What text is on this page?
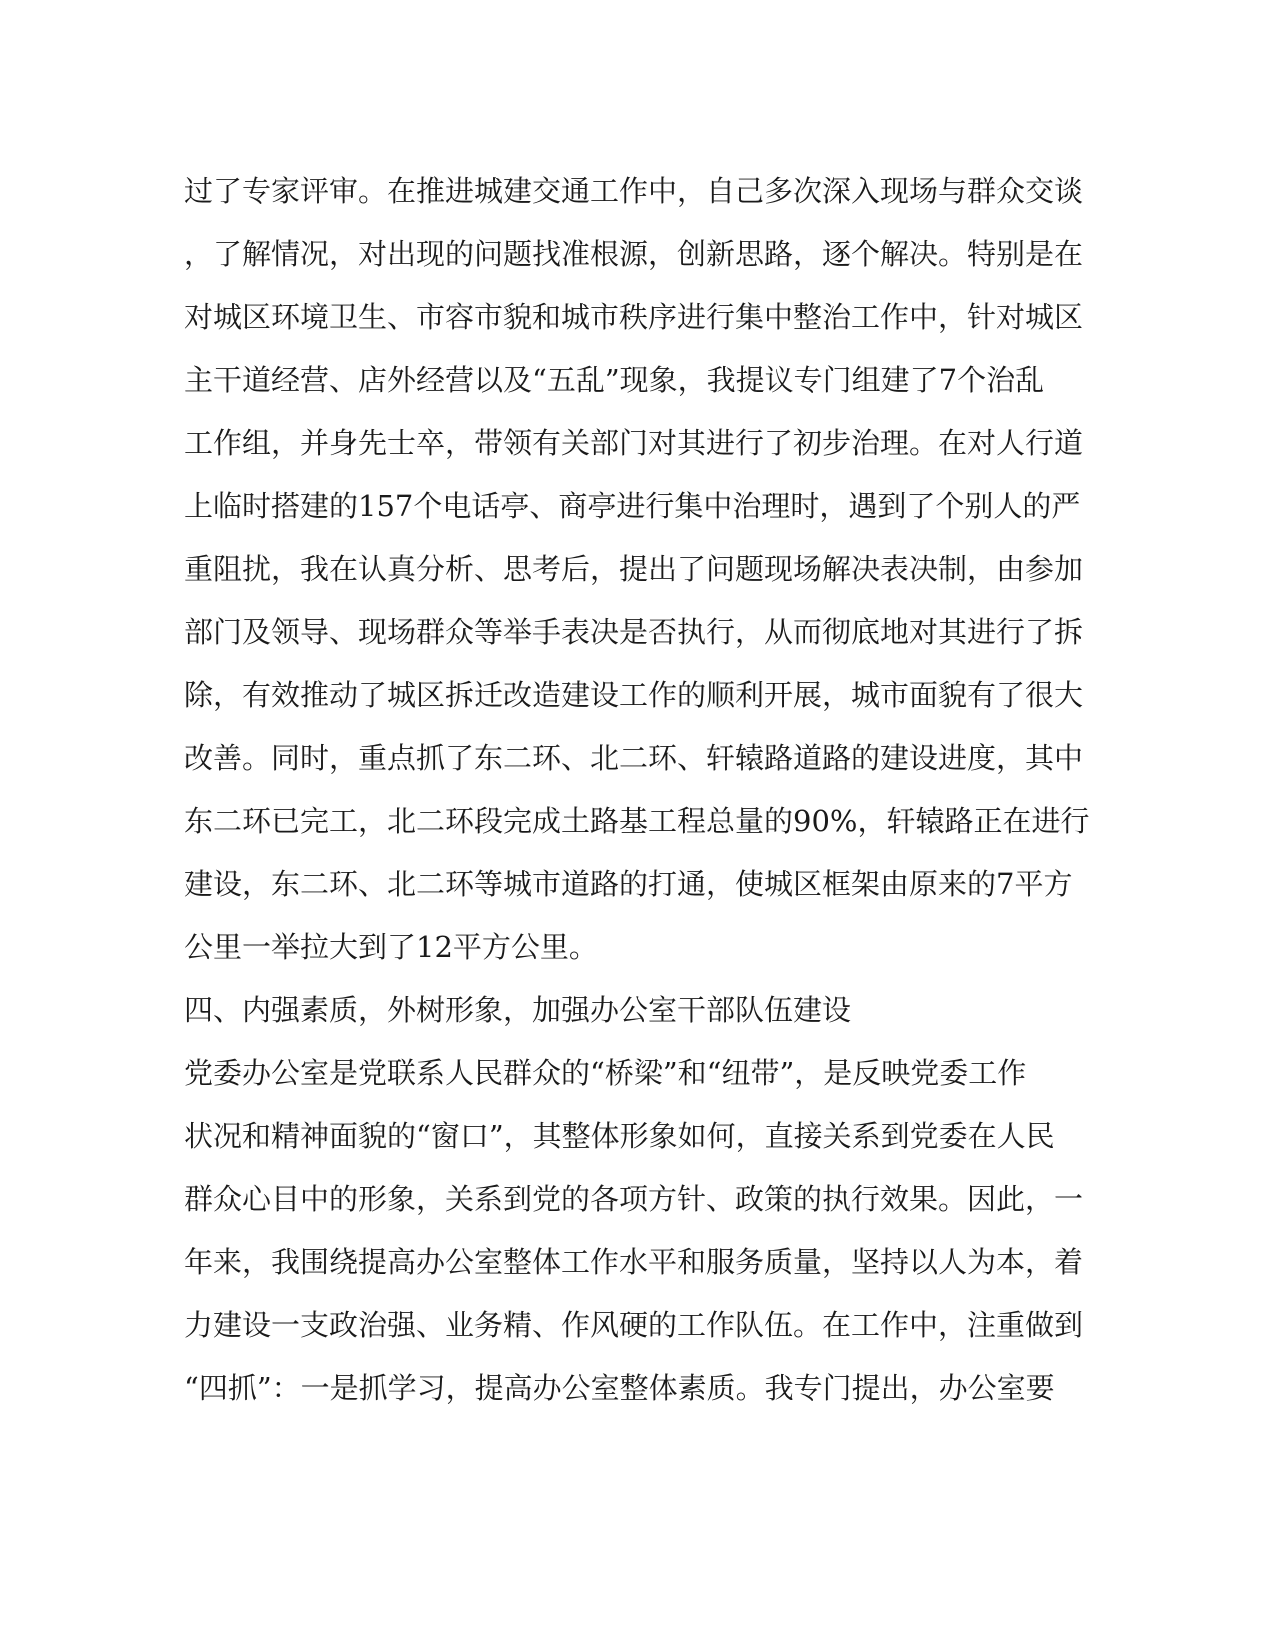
过了专家评审。在推进城建交通工作中，自己多次深入现场与群众交谈
，了解情况，对出现的问题找准根源，创新思路，逐个解决。特别是在
对城区环境卫生、市容市貌和城市秩序进行集中整治工作中，针对城区
主干道经营、店外经营以及“五乱”现象，我提议专门组建了7个治乱
工作组，并身先士卒，带领有关部门对其进行了初步治理。在对人行道
上临时搭建的157个电话亭、商亭进行集中治理时，遇到了个别人的严
重阻扰，我在认真分析、思考后，提出了问题现场解决表决制，由参加
部门及领导、现场群众等举手表决是否执行，从而彻底地对其进行了拆
除，有效推动了城区拆迁改造建设工作的顺利开展，城市面貌有了很大
改善。同时，重点抓了东二环、北二环、轩辕路道路的建设进度，其中
东二环已完工，北二环段完成土路基工程总量的90%，轩辕路正在进行
建设，东二环、北二环等城市道路的打通，使城区框架由原来的7平方
公里一举拉大到了12平方公里。
四、内强素质，外树形象，加强办公室干部队伍建设
党委办公室是党联系人民群众的“桥梁”和“纽带”，是反映党委工作
状况和精神面貌的“窗口”，其整体形象如何，直接关系到党委在人民
群众心目中的形象，关系到党的各项方针、政策的执行效果。因此，一
年来，我围绕提高办公室整体工作水平和服务质量，坚持以人为本，着
力建设一支政治强、业务精、作风硬的工作队伍。在工作中，注重做到
“四抓”：一是抓学习，提高办公室整体素质。我专门提出，办公室要
